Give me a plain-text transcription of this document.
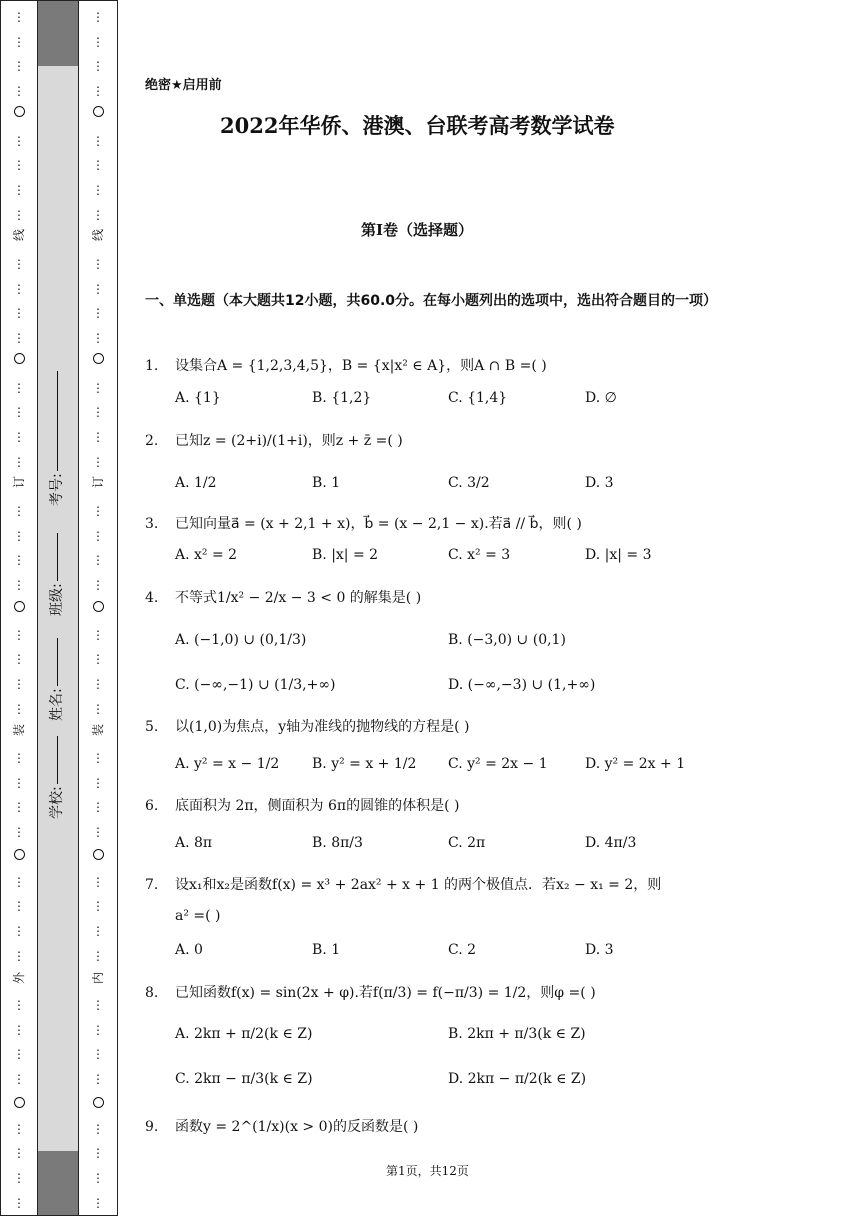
⋮
⋮
⋮
⋮
⋮
⋮
⋮
⋮
⋮
⋮
⋮
⋮
⋮
⋮
⋮
⋮
⋮
⋮
⋮
⋮
⋮
⋮
⋮
⋮
⋮
⋮
⋮
⋮
⋮
⋮
⋮
⋮
⋮
⋮
⋮
⋮
⋮
⋮
⋮
⋮
线
订
装
外
学校:
姓名:
班级:
考号:
⋮
⋮
⋮
⋮
⋮
⋮
⋮
⋮
⋮
⋮
⋮
⋮
⋮
⋮
⋮
⋮
⋮
⋮
⋮
⋮
⋮
⋮
⋮
⋮
⋮
⋮
⋮
⋮
⋮
⋮
⋮
⋮
⋮
⋮
⋮
⋮
⋮
⋮
⋮
⋮
线
订
装
内
绝密★启用前
2022年华侨、港澳、台联考高考数学试卷
第I卷（选择题）
一、单选题（本大题共12小题，共60.0分。在每小题列出的选项中，选出符合题目的一项）
1. 设集合A = {1,2,3,4,5}，B = {x|x² ∈ A}，则A ∩ B =( )
A. {1}	B. {1,2}	C. {1,4}	D. ∅
2. 已知z = (2+i)/(1+i)，则z + z̄ =( )
A. 1/2	B. 1	C. 3/2	D. 3
3. 已知向量a⃗ = (x + 2,1 + x)，b⃗ = (x − 2,1 − x).若a⃗ // b⃗，则( )
A. x² = 2	B. |x| = 2	C. x² = 3	D. |x| = 3
4. 不等式1/x² − 2/x − 3 < 0 的解集是( )
A. (−1,0) ∪ (0,1/3)	B. (−3,0) ∪ (0,1)
C. (−∞,−1) ∪ (1/3,+∞)	D. (−∞,−3) ∪ (1,+∞)
5. 以(1,0)为焦点，y轴为准线的抛物线的方程是( )
A. y² = x − 1/2 B. y² = x + 1/2 C. y² = 2x − 1	D. y² = 2x + 1
6. 底面积为 2π，侧面积为 6π的圆锥的体积是( )
A. 8π	B. 8π/3	C. 2π	D. 4π/3
7. 设x₁和x₂是函数f(x) = x³ + 2ax² + x + 1 的两个极值点．若x₂ − x₁ = 2，则
a² =( )
A. 0	B. 1	C. 2	D. 3
8. 已知函数f(x) = sin(2x + φ).若f(π/3) = f(−π/3) = 1/2，则φ =( )
A. 2kπ + π/2(k ∈ Z)	B. 2kπ + π/3(k ∈ Z)
C. 2kπ − π/3(k ∈ Z)	D. 2kπ − π/2(k ∈ Z)
9. 函数y = 2^(1/x)(x > 0)的反函数是( )
第1页，共12页
